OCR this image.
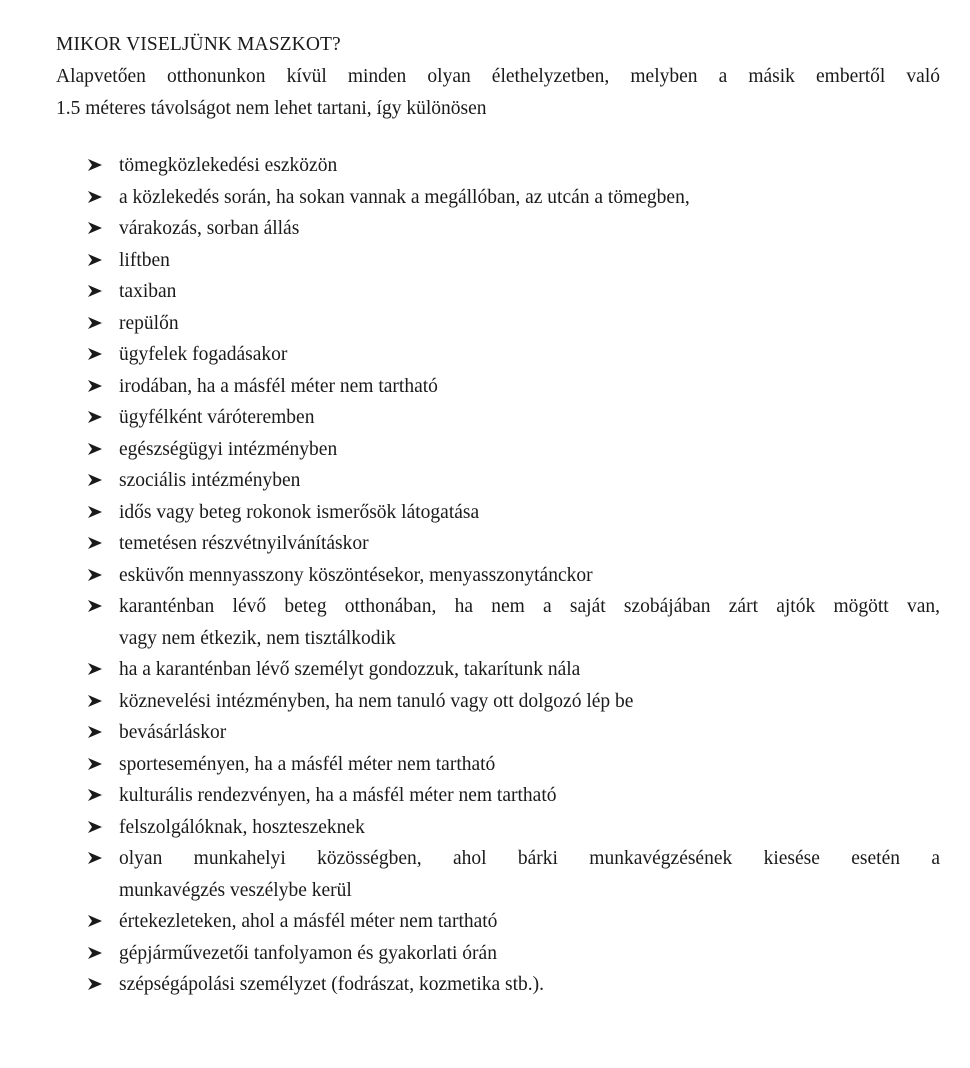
MIKOR VISELJÜNK MASZKOT?
Alapvetően otthonunkon kívül minden olyan élethelyzetben, melyben a másik embertől való
1.5 méteres távolságot nem lehet tartani, így különösen
tömegközlekedési eszközön
a közlekedés során, ha sokan vannak a megállóban, az utcán a tömegben,
várakozás, sorban állás
liftben
taxiban
repülőn
ügyfelek fogadásakor
irodában, ha a másfél méter nem tartható
ügyfélként váróteremben
egészségügyi intézményben
szociális intézményben
idős vagy beteg rokonok ismerősök látogatása
temetésen részvétnyilvánításkor
esküvőn mennyasszony köszöntésekor, menyasszonytánckor
karanténban lévő beteg otthonában, ha nem a saját szobájában zárt ajtók mögött van,
vagy nem étkezik, nem tisztálkodik
ha a karanténban lévő személyt gondozzuk, takarítunk nála
köznevelési intézményben, ha nem tanuló vagy ott dolgozó lép be
bevásárláskor
sporteseményen, ha a másfél méter nem tartható
kulturális rendezvényen, ha a másfél méter nem tartható
felszolgálóknak, hoszteszeknek
olyan munkahelyi közösségben, ahol bárki munkavégzésének kiesése esetén a
munkavégzés veszélybe kerül
értekezleteken, ahol a másfél méter nem tartható
gépjárművezetői tanfolyamon és gyakorlati órán
szépségápolási személyzet (fodrászat, kozmetika stb.).
